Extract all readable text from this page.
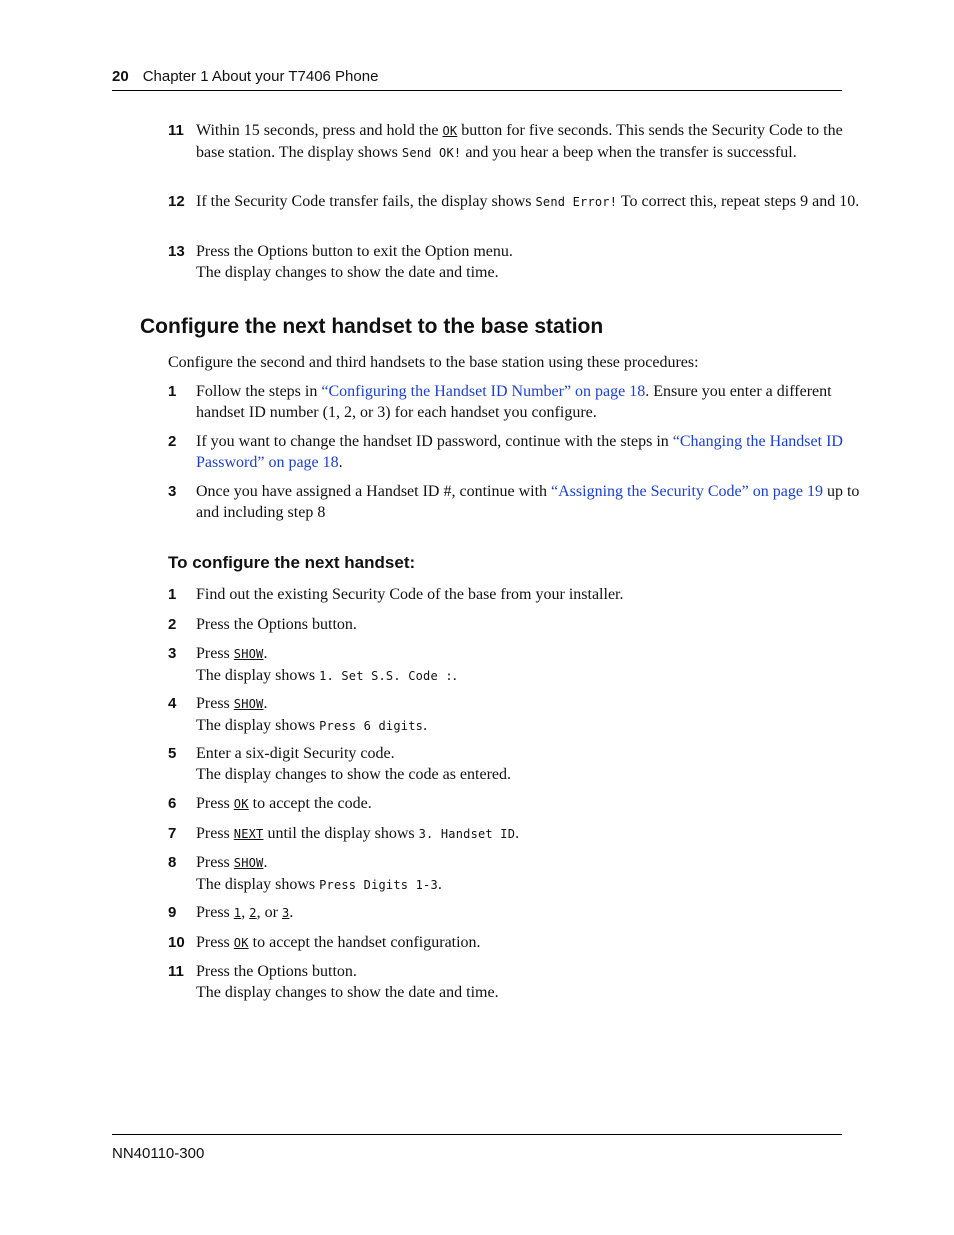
20 Chapter 1 About your T7406 Phone
11 Within 15 seconds, press and hold the OK button for five seconds. This sends the Security Code to the base station. The display shows Send OK! and you hear a beep when the transfer is successful.
12 If the Security Code transfer fails, the display shows Send Error! To correct this, repeat steps 9 and 10.
13 Press the Options button to exit the Option menu.
The display changes to show the date and time.
Configure the next handset to the base station
Configure the second and third handsets to the base station using these procedures:
1 Follow the steps in “Configuring the Handset ID Number” on page 18. Ensure you enter a different handset ID number (1, 2, or 3) for each handset you configure.
2 If you want to change the handset ID password, continue with the steps in “Changing the Handset ID Password” on page 18.
3 Once you have assigned a Handset ID #, continue with “Assigning the Security Code” on page 19 up to and including step 8
To configure the next handset:
1 Find out the existing Security Code of the base from your installer.
2 Press the Options button.
3 Press SHOW.
The display shows 1. Set S.S. Code :.
4 Press SHOW.
The display shows Press 6 digits.
5 Enter a six-digit Security code.
The display changes to show the code as entered.
6 Press OK to accept the code.
7 Press NEXT until the display shows 3. Handset ID.
8 Press SHOW.
The display shows Press Digits 1-3.
9 Press 1, 2, or 3.
10 Press OK to accept the handset configuration.
11 Press the Options button.
The display changes to show the date and time.
NN40110-300
